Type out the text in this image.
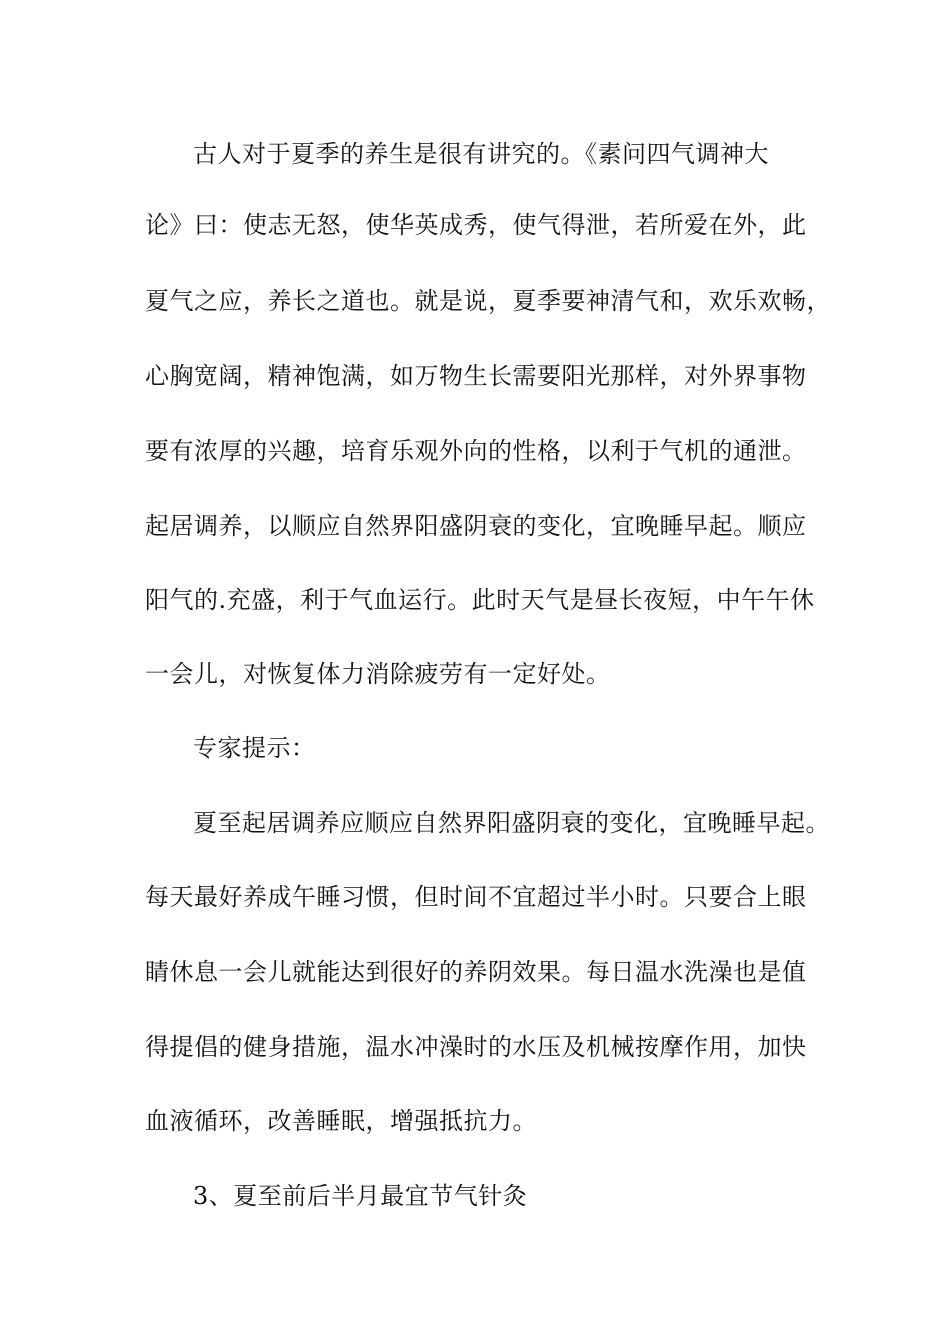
古人对于夏季的养生是很有讲究的。《素问四气调神大
论》曰：使志无怒，使华英成秀，使气得泄，若所爱在外，此
夏气之应，养长之道也。就是说，夏季要神清气和，欢乐欢畅，
心胸宽阔，精神饱满，如万物生长需要阳光那样，对外界事物
要有浓厚的兴趣，培育乐观外向的性格，以利于气机的通泄。
起居调养，以顺应自然界阳盛阴衰的变化，宜晚睡早起。顺应
阳气的.充盛，利于气血运行。此时天气是昼长夜短，中午午休
一会儿，对恢复体力消除疲劳有一定好处。
专家提示：
夏至起居调养应顺应自然界阳盛阴衰的变化，宜晚睡早起。
每天最好养成午睡习惯，但时间不宜超过半小时。只要合上眼
睛休息一会儿就能达到很好的养阴效果。每日温水洗澡也是值
得提倡的健身措施，温水冲澡时的水压及机械按摩作用，加快
血液循环，改善睡眠，增强抵抗力。
3、夏至前后半月最宜节气针灸
